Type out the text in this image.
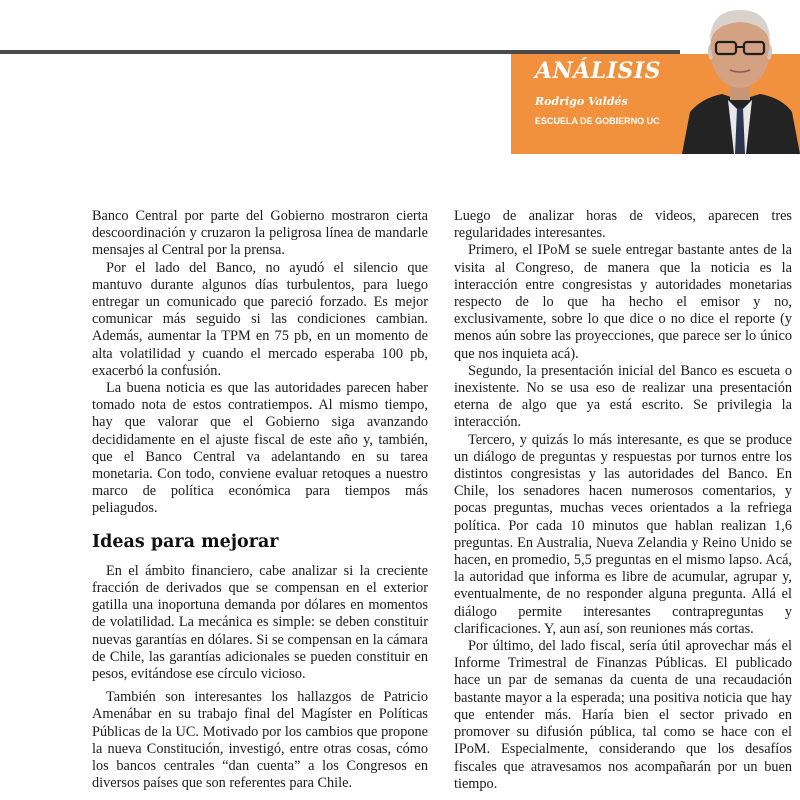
ANÁLISIS
Rodrigo Valdés
ESCUELA DE GOBIERNO UC

Banco Central por parte del Gobierno mostraron cierta descoordinación y cruzaron la peligrosa línea de mandarle mensajes al Central por la prensa.

Por el lado del Banco, no ayudó el silencio que mantuvo durante algunos días turbulentos, para luego entregar un comunicado que pareció forzado. Es mejor comunicar más seguido si las condiciones cambian. Además, aumentar la TPM en 75 pb, en un momento de alta volatilidad y cuando el mercado esperaba 100 pb, exacerbó la confusión.

La buena noticia es que las autoridades parecen haber tomado nota de estos contratiempos. Al mismo tiempo, hay que valorar que el Gobierno siga avanzando decididamente en el ajuste fiscal de este año y, también, que el Banco Central va adelantando en su tarea monetaria. Con todo, conviene evaluar retoques a nuestro marco de política económica para tiempos más peliagudos.

Ideas para mejorar

En el ámbito financiero, cabe analizar si la creciente fracción de derivados que se compensan en el exterior gatilla una inoportuna demanda por dólares en momentos de volatilidad. La mecánica es simple: se deben constituir nuevas garantías en dólares. Si se compensan en la cámara de Chile, las garantías adicionales se pueden constituir en pesos, evitándose ese círculo vicioso.

También son interesantes los hallazgos de Patricio Amenábar en su trabajo final del Magíster en Políticas Públicas de la UC. Motivado por los cambios que propone la nueva Constitución, investigó, entre otras cosas, cómo los bancos centrales “dan cuenta” a los Congresos en diversos países que son referentes para Chile.

Luego de analizar horas de videos, aparecen tres regularidades interesantes.

Primero, el IPoM se suele entregar bastante antes de la visita al Congreso, de manera que la noticia es la interacción entre congresistas y autoridades monetarias respecto de lo que ha hecho el emisor y no, exclusivamente, sobre lo que dice o no dice el reporte (y menos aún sobre las proyecciones, que parece ser lo único que nos inquieta acá).

Segundo, la presentación inicial del Banco es escueta o inexistente. No se usa eso de realizar una presentación eterna de algo que ya está escrito. Se privilegia la interacción.

Tercero, y quizás lo más interesante, es que se produce un diálogo de preguntas y respuestas por turnos entre los distintos congresistas y las autoridades del Banco. En Chile, los senadores hacen numerosos comentarios, y pocas preguntas, muchas veces orientados a la refriega política. Por cada 10 minutos que hablan realizan 1,6 preguntas. En Australia, Nueva Zelandia y Reino Unido se hacen, en promedio, 5,5 preguntas en el mismo lapso. Acá, la autoridad que informa es libre de acumular, agrupar y, eventualmente, de no responder alguna pregunta. Allá el diálogo permite interesantes contrapreguntas y clarificaciones. Y, aun así, son reuniones más cortas.

Por último, del lado fiscal, sería útil aprovechar más el Informe Trimestral de Finanzas Públicas. El publicado hace un par de semanas da cuenta de una recaudación bastante mayor a la esperada; una positiva noticia que hay que entender más. Haría bien el sector privado en promover su difusión pública, tal como se hace con el IPoM. Especialmente, considerando que los desafíos fiscales que atravesamos nos acompañarán por un buen tiempo.
